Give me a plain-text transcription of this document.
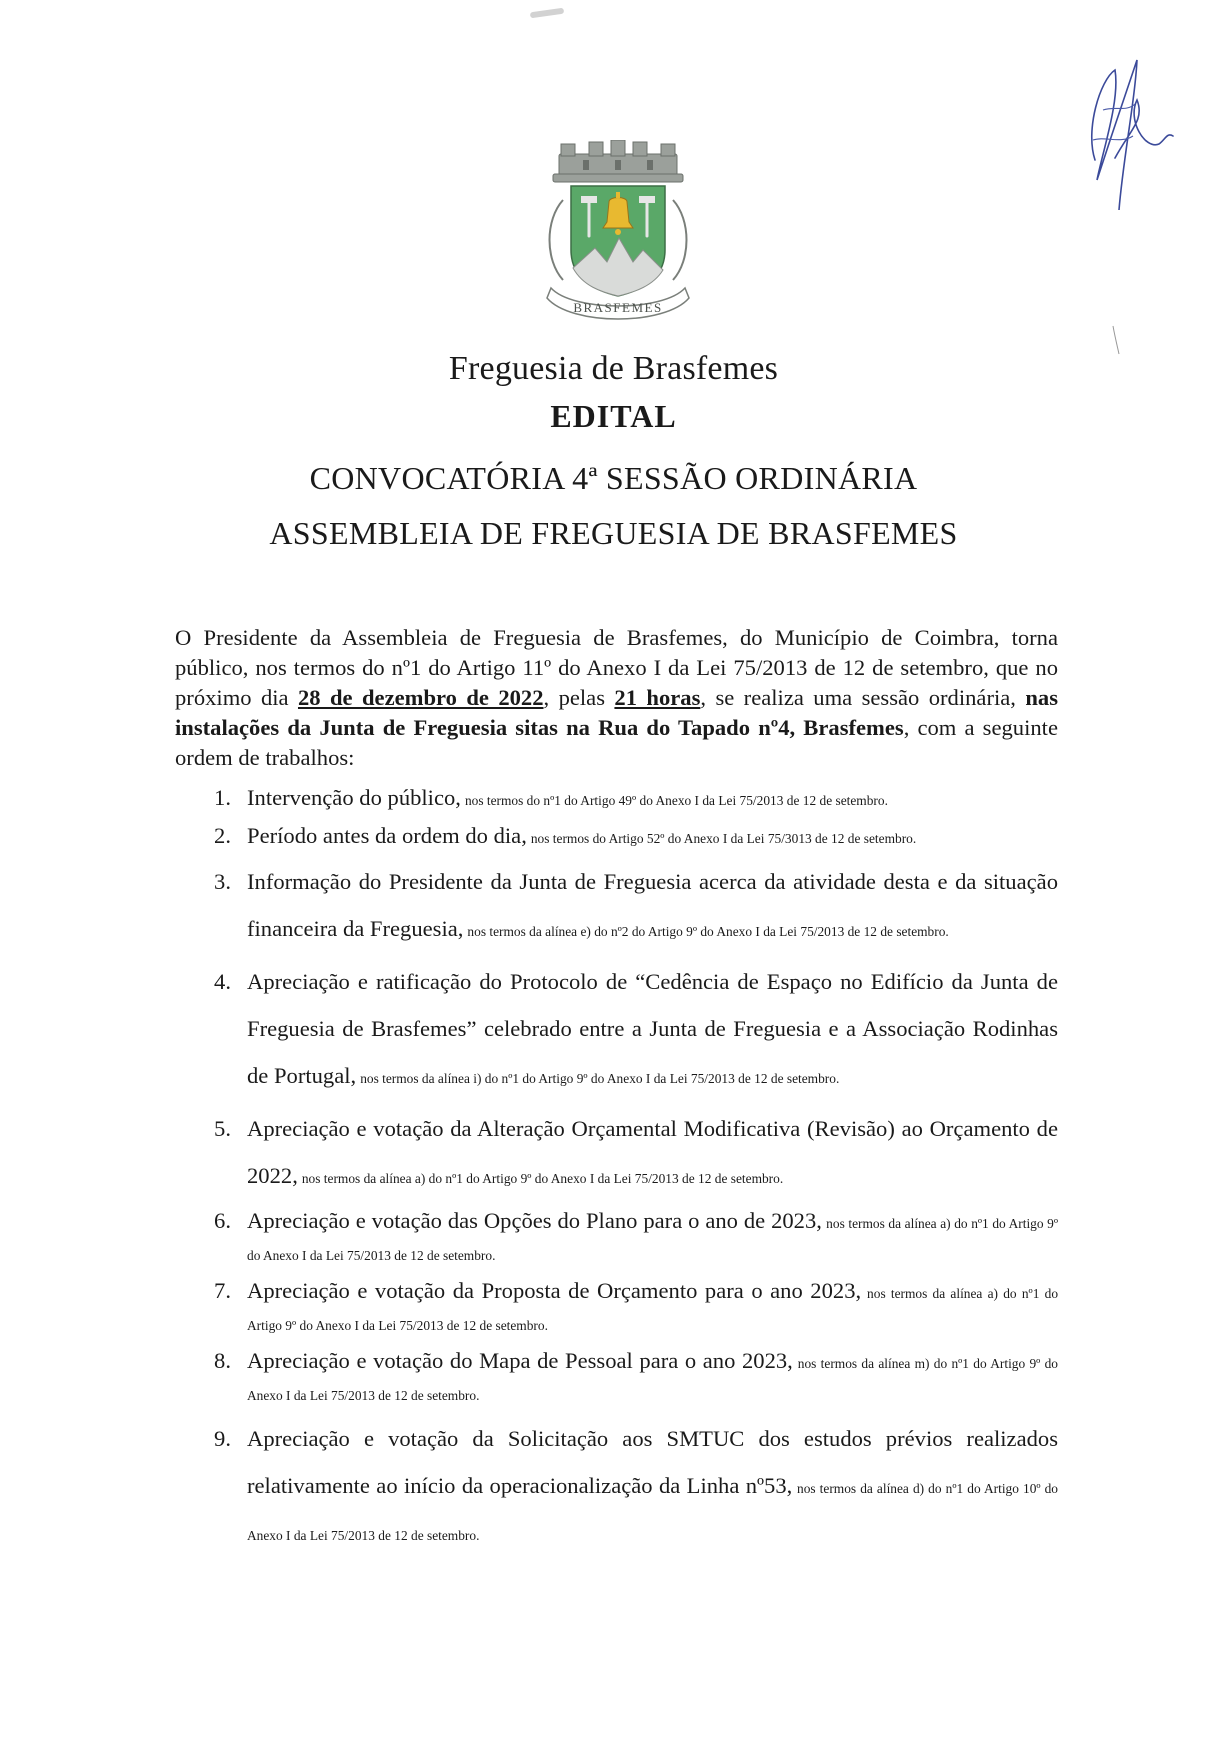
BRASFEMES
Freguesia de Brasfemes
EDITAL
CONVOCATÓRIA 4ª SESSÃO ORDINÁRIA
ASSEMBLEIA DE FREGUESIA DE BRASFEMES

O Presidente da Assembleia de Freguesia de Brasfemes, do Município de Coimbra, torna público, nos termos do nº1 do Artigo 11º do Anexo I da Lei 75/2013 de 12 de setembro, que no próximo dia 28 de dezembro de 2022, pelas 21 horas, se realiza uma sessão ordinária, nas instalações da Junta de Freguesia sitas na Rua do Tapado nº4, Brasfemes, com a seguinte ordem de trabalhos:

1. Intervenção do público, nos termos do nº1 do Artigo 49º do Anexo I da Lei 75/2013 de 12 de setembro.
2. Período antes da ordem do dia, nos termos do Artigo 52º do Anexo I da Lei 75/3013 de 12 de setembro.
3. Informação do Presidente da Junta de Freguesia acerca da atividade desta e da situação financeira da Freguesia, nos termos da alínea e) do nº2 do Artigo 9º do Anexo I da Lei 75/2013 de 12 de setembro.
4. Apreciação e ratificação do Protocolo de “Cedência de Espaço no Edifício da Junta de Freguesia de Brasfemes” celebrado entre a Junta de Freguesia e a Associação Rodinhas de Portugal, nos termos da alínea i) do nº1 do Artigo 9º do Anexo I da Lei 75/2013 de 12 de setembro.
5. Apreciação e votação da Alteração Orçamental Modificativa (Revisão) ao Orçamento de 2022, nos termos da alínea a) do nº1 do Artigo 9º do Anexo I da Lei 75/2013 de 12 de setembro.
6. Apreciação e votação das Opções do Plano para o ano de 2023, nos termos da alínea a) do nº1 do Artigo 9º do Anexo I da Lei 75/2013 de 12 de setembro.
7. Apreciação e votação da Proposta de Orçamento para o ano 2023, nos termos da alínea a) do nº1 do Artigo 9º do Anexo I da Lei 75/2013 de 12 de setembro.
8. Apreciação e votação do Mapa de Pessoal para o ano 2023, nos termos da alínea m) do nº1 do Artigo 9º do Anexo I da Lei 75/2013 de 12 de setembro.
9. Apreciação e votação da Solicitação aos SMTUC dos estudos prévios realizados relativamente ao início da operacionalização da Linha nº53, nos termos da alínea d) do nº1 do Artigo 10º do Anexo I da Lei 75/2013 de 12 de setembro.
